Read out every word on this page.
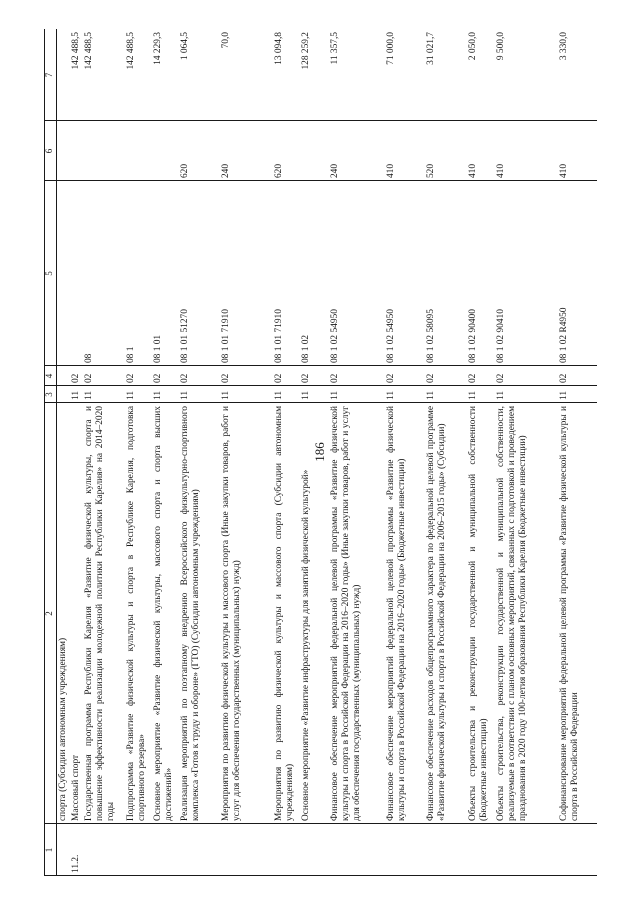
186
1
2
3
4
5
6
7
спорта (Субсидии автономным учреждениям)
11.2.
Массовый спорт
11
02
142 488,5
Государственная программа Республики Карелия «Развитие физической культуры, спорта и повышение эффективности реализации молодежной политики Республики Карелия» на 2014–2020 годы
11
02
08
142 488,5
Подпрограмма «Развитие физической культуры и спорта в Республике Карелия, подготовка спортивного резерва»
11
02
08 1
142 488,5
Основное мероприятие «Развитие физической культуры, массового спорта и спорта высших достижений»
11
02
08 1 01
14 229,3
Реализация мероприятий по поэтапному внедрению Всероссийского физкультурно-спортивного комплекса «Готов к труду и обороне» (ГТО) (Субсидии автономным учреждениям)
11
02
08 1 01 51270
620
1 064,5
Мероприятия по развитию физической культуры и массового спорта (Иные закупки товаров, работ и услуг для обеспечения государственных (муниципальных) нужд)
11
02
08 1 01 71910
240
70,0
Мероприятия по развитию физической культуры и массового спорта (Субсидии автономным учреждениям)
11
02
08 1 01 71910
620
13 094,8
Основное мероприятие «Развитие инфраструктуры для занятий физической культурой»
11
02
08 1 02
128 259,2
Финансовое обеспечение мероприятий федеральной целевой программы «Развитие физической культуры и спорта в Российской Федерации на 2016–2020 годы» (Иные закупки товаров, работ и услуг для обеспечения государственных (муниципальных) нужд)
11
02
08 1 02 54950
240
11 357,5
Финансовое обеспечение мероприятий федеральной целевой программы «Развитие физической культуры и спорта в Российской Федерации на 2016–2020 годы» (Бюджетные инвестиции)
11
02
08 1 02 54950
410
71 000,0
Финансовое обеспечение расходов общепрограммного характера по федеральной целевой программе «Развитие физической культуры и спорта в Российской Федерации на 2006–2015 годы» (Субсидии)
11
02
08 1 02 58095
520
31 021,7
Объекты строительства и реконструкции государственной и муниципальной собственности (Бюджетные инвестиции)
11
02
08 1 02 90400
410
2 050,0
Объекты строительства, реконструкции государственной и муниципальной собственности, реализуемые в соответствии с планом основных мероприятий, связанных с подготовкой и проведением празднования в 2020 году 100-летия образования Республики Карелия (Бюджетные инвестиции)
11
02
08 1 02 90410
410
9 500,0
Софинансирование мероприятий федеральной целевой программы «Развитие физической культуры и спорта в Российской Федерации
11
02
08 1 02 R4950
410
3 330,0
